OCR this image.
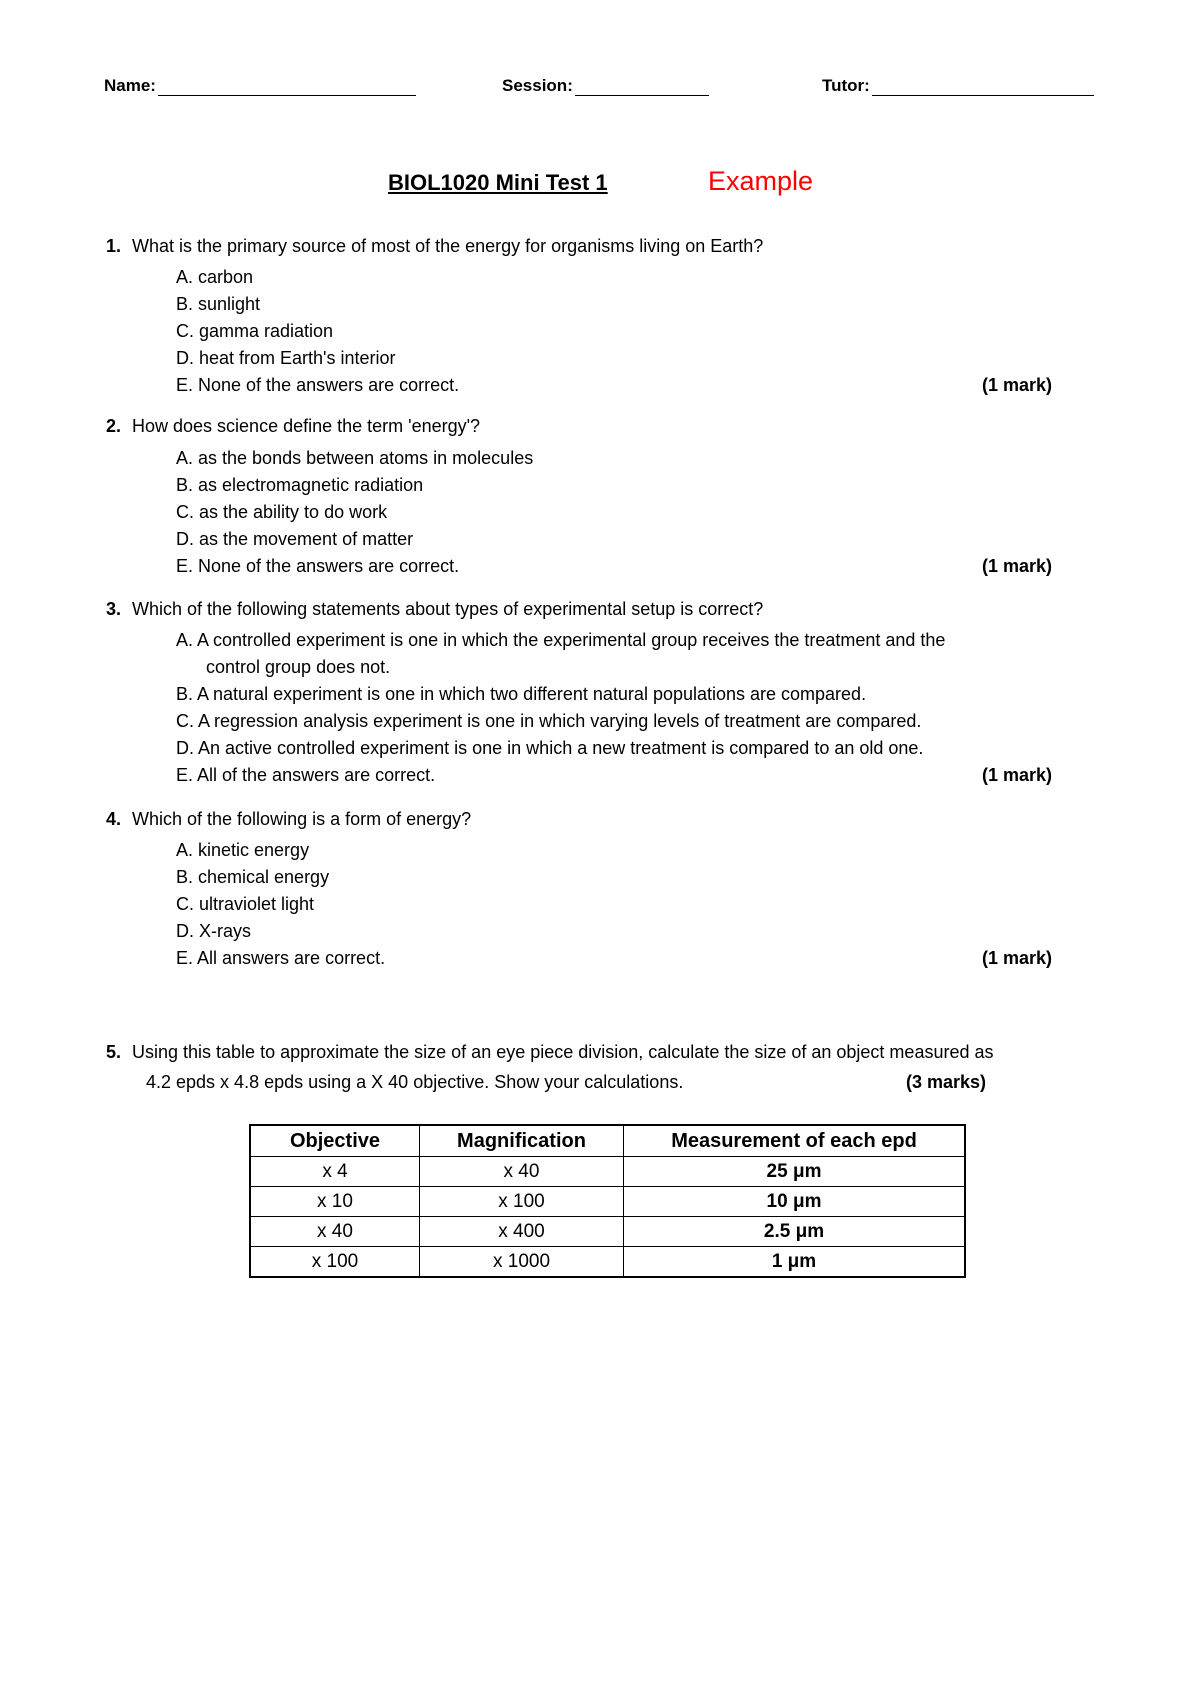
Name:	Session:	Tutor:
BIOL1020 Mini Test 1	Example
1. What is the primary source of most of the energy for organisms living on Earth?
A. carbon
B. sunlight
C. gamma radiation
D. heat from Earth's interior
E. None of the answers are correct.	(1 mark)
2. How does science define the term 'energy'?
A. as the bonds between atoms in molecules
B. as electromagnetic radiation
C. as the ability to do work
D. as the movement of matter
E. None of the answers are correct.	(1 mark)
3. Which of the following statements about types of experimental setup is correct?
A. A controlled experiment is one in which the experimental group receives the treatment and the
control group does not.
B. A natural experiment is one in which two different natural populations are compared.
C. A regression analysis experiment is one in which varying levels of treatment are compared.
D. An active controlled experiment is one in which a new treatment is compared to an old one.
E. All of the answers are correct.	(1 mark)
4. Which of the following is a form of energy?
A. kinetic energy
B. chemical energy
C. ultraviolet light
D. X-rays
E. All answers are correct.	(1 mark)
5. Using this table to approximate the size of an eye piece division, calculate the size of an object measured as
4.2 epds x 4.8 epds using a X 40 objective. Show your calculations.	(3 marks)
Objective	Magnification	Measurement of each epd
x 4	x 40	25 μm
x 10	x 100	10 μm
x 40	x 400	2.5 μm
x 100	x 1000	1 μm
